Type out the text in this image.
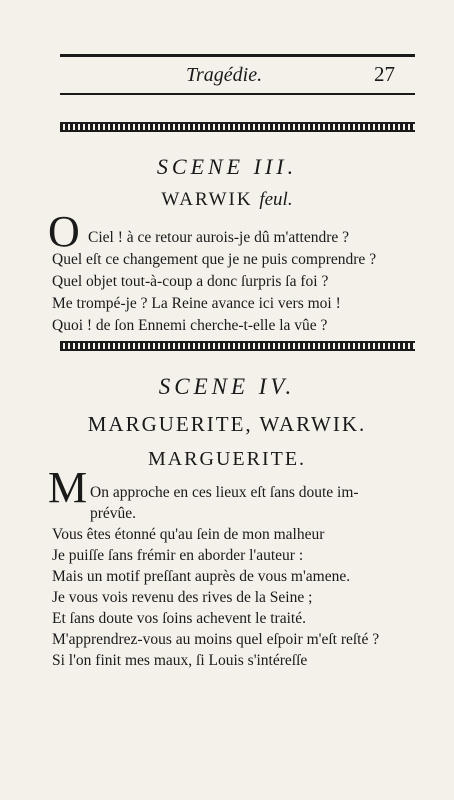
Tragédie.	27
SCENE III.
WARWIK feul.
O Ciel ! à ce retour aurois-je dû m'attendre ?
Quel eſt ce changement que je ne puis comprendre ?
Quel objet tout-à-coup a donc ſurpris ſa foi ?
Me trompé-je ? La Reine avance ici vers moi !
Quoi ! de ſon Ennemi cherche-t-elle la vûe ?
SCENE IV.
MARGUERITE, WARWIK.
MARGUERITE.
M On approche en ces lieux eſt ſans doute im-
prévûe.
Vous êtes étonné qu'au ſein de mon malheur
Je puiſſe ſans frémir en aborder l'auteur :
Mais un motif preſſant auprès de vous m'amene.
Je vous vois revenu des rives de la Seine ;
Et ſans doute vos ſoins achevent le traité.
M'apprendrez-vous au moins quel eſpoir m'eſt reſté ?
Si l'on finit mes maux, ſi Louis s'intéreſſe
